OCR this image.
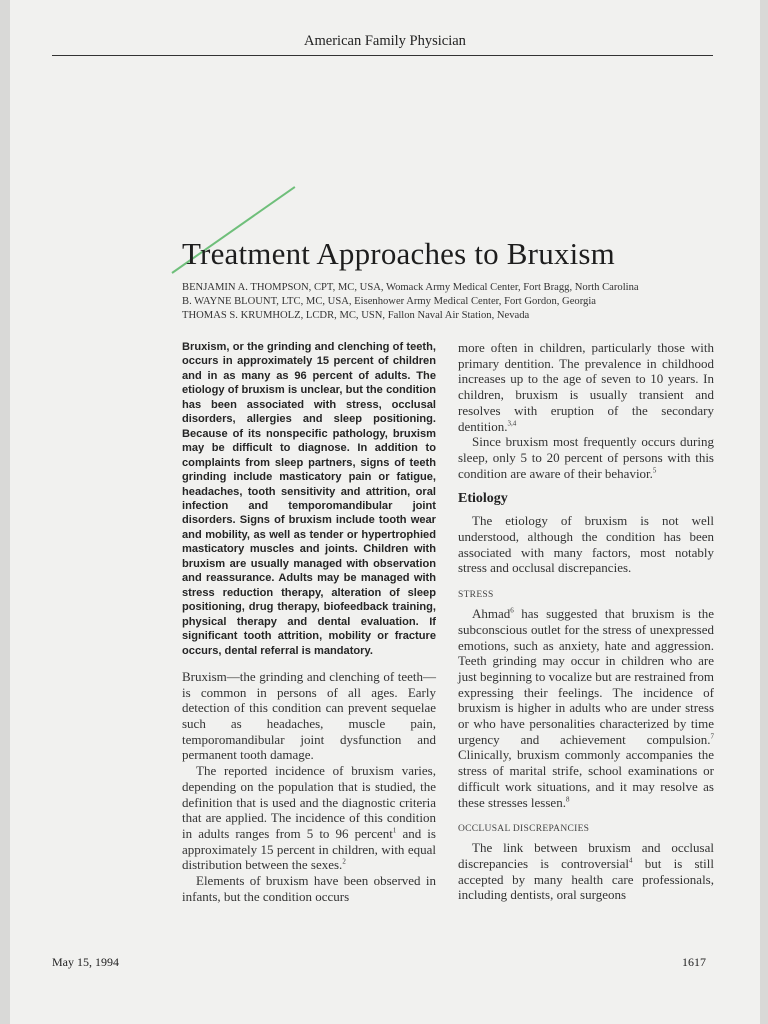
American Family Physician
Treatment Approaches to Bruxism
BENJAMIN A. THOMPSON, CPT, MC, USA, Womack Army Medical Center, Fort Bragg, North Carolina
B. WAYNE BLOUNT, LTC, MC, USA, Eisenhower Army Medical Center, Fort Gordon, Georgia
THOMAS S. KRUMHOLZ, LCDR, MC, USN, Fallon Naval Air Station, Nevada

Bruxism, or the grinding and clenching of teeth, occurs in approximately 15 percent of children and in as many as 96 percent of adults. The etiology of bruxism is unclear, but the condition has been associated with stress, occlusal disorders, allergies and sleep positioning. Because of its nonspecific pathology, bruxism may be difficult to diagnose. In addition to complaints from sleep partners, signs of teeth grinding include masticatory pain or fatigue, headaches, tooth sensitivity and attrition, oral infection and temporomandibular joint disorders. Signs of bruxism include tooth wear and mobility, as well as tender or hypertrophied masticatory muscles and joints. Children with bruxism are usually managed with observation and reassurance. Adults may be managed with stress reduction therapy, alteration of sleep positioning, drug therapy, biofeedback training, physical therapy and dental evaluation. If significant tooth attrition, mobility or fracture occurs, dental referral is mandatory.

Bruxism—the grinding and clenching of teeth—is common in persons of all ages. Early detection of this condition can prevent sequelae such as headaches, muscle pain, temporomandibular joint dysfunction and permanent tooth damage.

The reported incidence of bruxism varies, depending on the population that is studied, the definition that is used and the diagnostic criteria that are applied. The incidence of this condition in adults ranges from 5 to 96 percent$^1$ and is approximately 15 percent in children, with equal distribution between the sexes.$^2$

Elements of bruxism have been observed in infants, but the condition occurs

more often in children, particularly those with primary dentition. The prevalence in childhood increases up to the age of seven to 10 years. In children, bruxism is usually transient and resolves with eruption of the secondary dentition.$^{3,4}$

Since bruxism most frequently occurs during sleep, only 5 to 20 percent of persons with this condition are aware of their behavior.$^5$

Etiology

The etiology of bruxism is not well understood, although the condition has been associated with many factors, most notably stress and occlusal discrepancies.

STRESS

Ahmad$^6$ has suggested that bruxism is the subconscious outlet for the stress of unexpressed emotions, such as anxiety, hate and aggression. Teeth grinding may occur in children who are just beginning to vocalize but are restrained from expressing their feelings. The incidence of bruxism is higher in adults who are under stress or who have personalities characterized by time urgency and achievement compulsion.$^7$ Clinically, bruxism commonly accompanies the stress of marital strife, school examinations or difficult work situations, and it may resolve as these stresses lessen.$^8$

OCCLUSAL DISCREPANCIES

The link between bruxism and occlusal discrepancies is controversial$^4$ but is still accepted by many health care professionals, including dentists, oral surgeons

May 15, 1994	1617
